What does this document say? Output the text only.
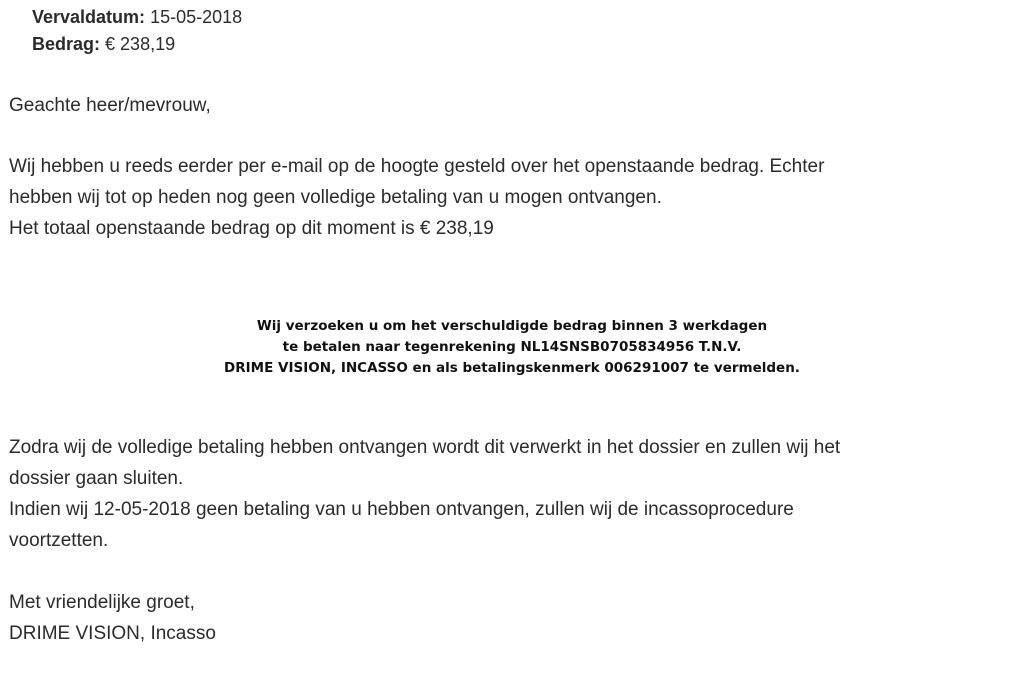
Vervaldatum: 15-05-2018
Bedrag: € 238,19
Geachte heer/mevrouw,
Wij hebben u reeds eerder per e-mail op de hoogte gesteld over het openstaande bedrag. Echter
hebben wij tot op heden nog geen volledige betaling van u mogen ontvangen.
Het totaal openstaande bedrag op dit moment is € 238,19
Wij verzoeken u om het verschuldigde bedrag binnen 3 werkdagen
te betalen naar tegenrekening NL14SNSB0705834956 T.N.V.
DRIME VISION, INCASSO en als betalingskenmerk 006291007 te vermelden.
Zodra wij de volledige betaling hebben ontvangen wordt dit verwerkt in het dossier en zullen wij het
dossier gaan sluiten.
Indien wij 12-05-2018 geen betaling van u hebben ontvangen, zullen wij de incassoprocedure
voortzetten.
Met vriendelijke groet,
DRIME VISION, Incasso
